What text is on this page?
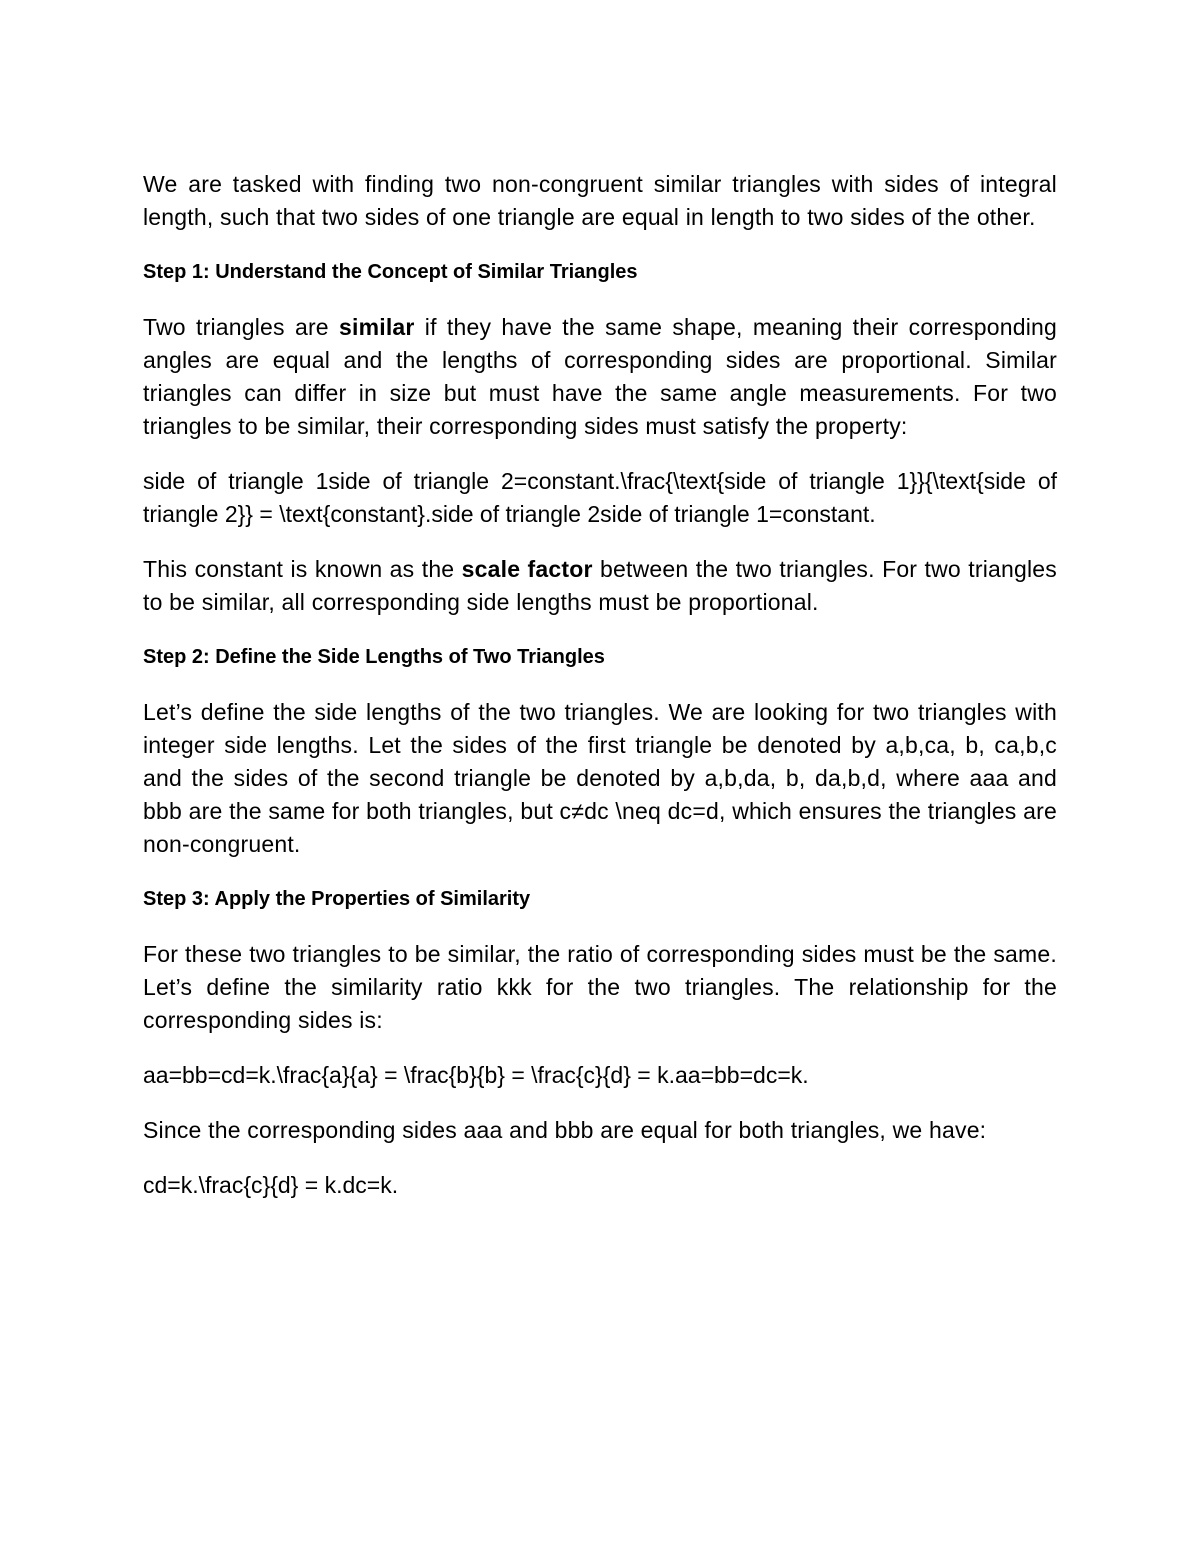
We are tasked with finding two non-congruent similar triangles with sides of integral length, such that two sides of one triangle are equal in length to two sides of the other.

Step 1: Understand the Concept of Similar Triangles

Two triangles are similar if they have the same shape, meaning their corresponding angles are equal and the lengths of corresponding sides are proportional. Similar triangles can differ in size but must have the same angle measurements. For two triangles to be similar, their corresponding sides must satisfy the property:

side of triangle 1side of triangle 2=constant.\frac{\text{side of triangle 1}}{\text{side of triangle 2}} = \text{constant}.side of triangle 2side of triangle 1=constant.

This constant is known as the scale factor between the two triangles. For two triangles to be similar, all corresponding side lengths must be proportional.

Step 2: Define the Side Lengths of Two Triangles

Let’s define the side lengths of the two triangles. We are looking for two triangles with integer side lengths. Let the sides of the first triangle be denoted by a,b,ca, b, ca,b,c and the sides of the second triangle be denoted by a,b,da, b, da,b,d, where aaa and bbb are the same for both triangles, but c≠dc \neq dc=d, which ensures the triangles are non-congruent.

Step 3: Apply the Properties of Similarity

For these two triangles to be similar, the ratio of corresponding sides must be the same. Let’s define the similarity ratio kkk for the two triangles. The relationship for the corresponding sides is:

aa=bb=cd=k.\frac{a}{a} = \frac{b}{b} = \frac{c}{d} = k.aa=bb=dc=k.

Since the corresponding sides aaa and bbb are equal for both triangles, we have:

cd=k.\frac{c}{d} = k.dc=k.
